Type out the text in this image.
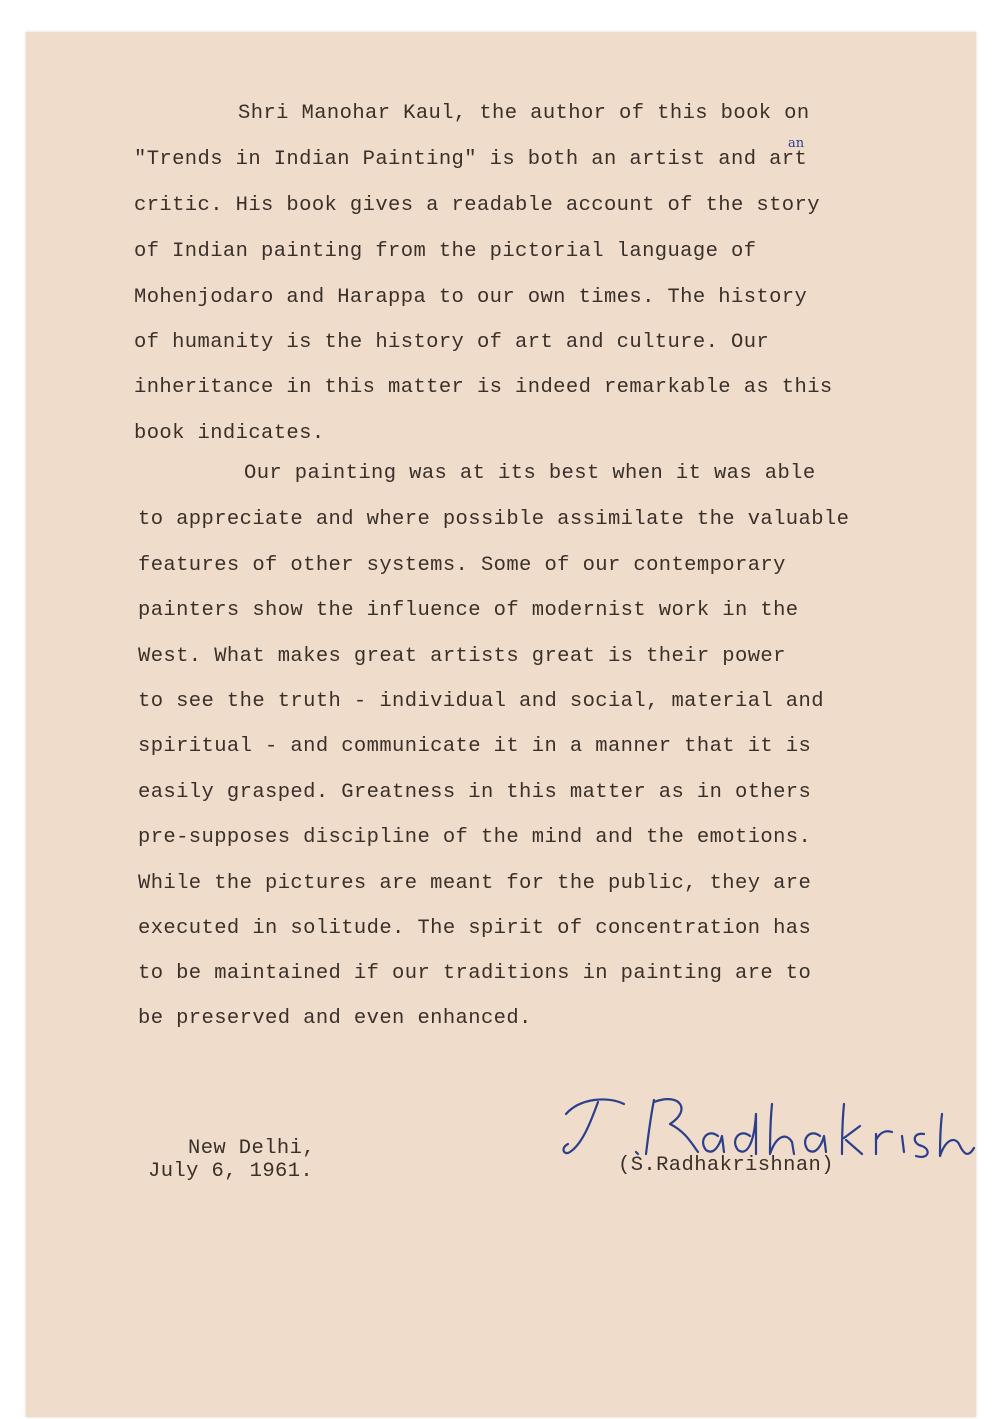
Shri Manohar Kaul, the author of this book on

"Trends in Indian Painting" is both an artist and art

critic. His book gives a readable account of the story

of Indian painting from the pictorial language of

Mohenjodaro and Harappa to our own times. The history

of humanity is the history of art and culture. Our

inheritance in this matter is indeed remarkable as this

book indicates.

Our painting was at its best when it was able

to appreciate and where possible assimilate the valuable

features of other systems. Some of our contemporary

painters show the influence of modernist work in the

West. What makes great artists great is their power

to see the truth - individual and social, material and

spiritual - and communicate it in a manner that it is

easily grasped. Greatness in this matter as in others

pre-supposes discipline of the mind and the emotions.

While the pictures are meant for the public, they are

executed in solitude. The spirit of concentration has

to be maintained if our traditions in painting are to

be preserved and even enhanced.

an

New Delhi,

July 6, 1961.	(S.Radhakrishnan)
